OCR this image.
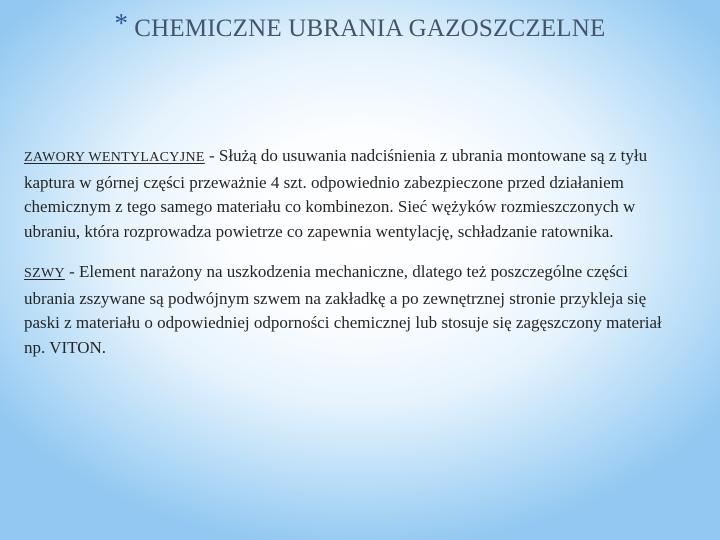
* CHEMICZNE UBRANIA GAZOSZCZELNE

ZAWORY WENTYLACYJNE - Służą do usuwania nadciśnienia z ubrania montowane są z tyłu kaptura w górnej części przeważnie 4 szt. odpowiednio zabezpieczone przed działaniem chemicznym z tego samego materiału co kombinezon. Sieć wężyków rozmieszczonych w ubraniu, która rozprowadza powietrze co zapewnia wentylację, schładzanie ratownika.

SZWY - Element narażony na uszkodzenia mechaniczne, dlatego też poszczególne części ubrania zszywane są podwójnym szwem na zakładkę a po zewnętrznej stronie przykleja się paski z materiału o odpowiedniej odporności chemicznej lub stosuje się zagęszczony materiał np. VITON.
